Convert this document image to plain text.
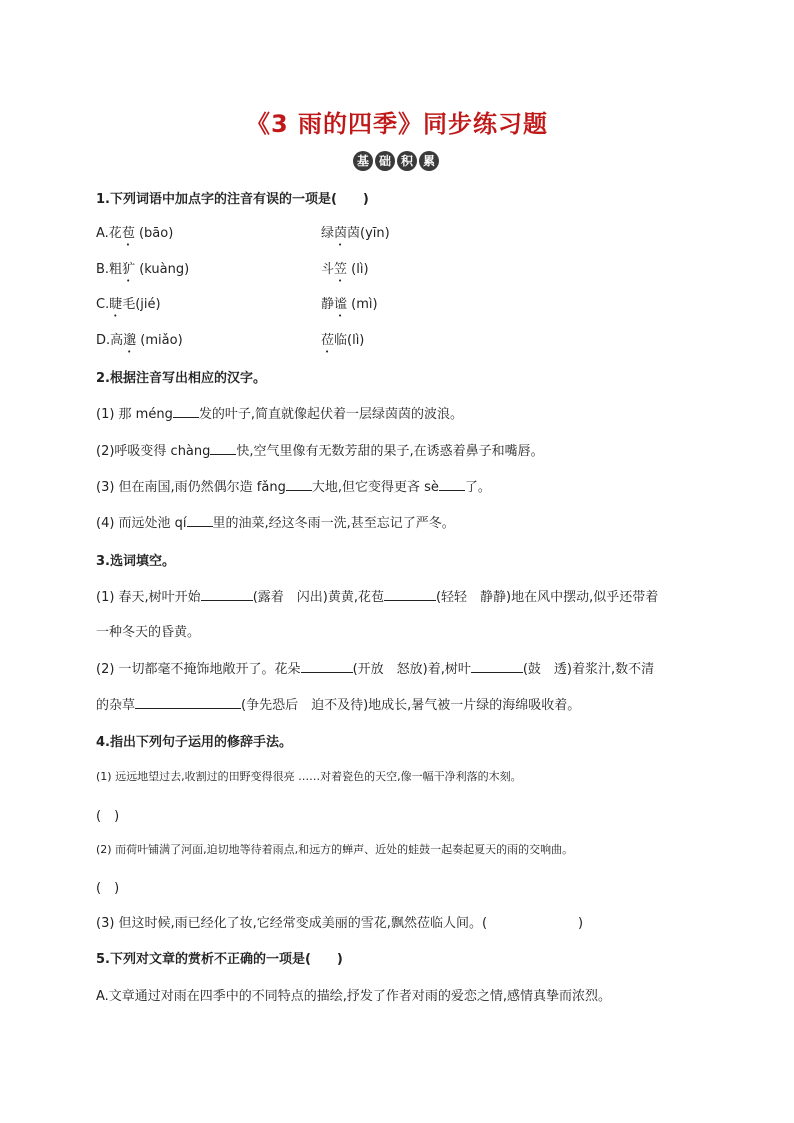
《3 雨的四季》同步练习题
基 础 积 累
1.下列词语中加点字的注音有误的一项是(　　)
A.花苞 (bāo)	绿茵茵(yīn)
B.粗犷 (kuàng)	斗笠 (lì)
C.睫毛(jié)	静谧 (mì)
D.高邈 (miǎo)	莅临(lì)
2.根据注音写出相应的汉字。
(1) 那 méng 发的叶子,简直就像起伏着一层绿茵茵的波浪。
(2)呼吸变得 chàng 快,空气里像有无数芳甜的果子,在诱惑着鼻子和嘴唇。
(3) 但在南国,雨仍然偶尔造 fǎng 大地,但它变得更吝 sè 了。
(4) 而远处池 qí 里的油菜,经这冬雨一洗,甚至忘记了严冬。
3.选词填空。
(1) 春天,树叶开始	(露着　闪出)黄黄,花苞	(轻轻　静静)地在风中摆动,似乎还带着
一种冬天的昏黄。
(2) 一切都毫不掩饰地敞开了。花朵	(开放　怒放)着,树叶	(鼓　透)着浆汁,数不清
的杂草	(争先恐后　迫不及待)地成长,暑气被一片绿的海绵吸收着。
4.指出下列句子运用的修辞手法。
(1) 远远地望过去,收割过的田野变得很亮 ……对着瓷色的天空,像一幅干净利落的木刻。
(　)
(2) 而荷叶铺满了河面,迫切地等待着雨点,和远方的蝉声、近处的蛙鼓一起奏起夏天的雨的交响曲。
(　)
(3) 但这时候,雨已经化了妆,它经常变成美丽的雪花,飘然莅临人间。(　　　　　　　)
5.下列对文章的赏析不正确的一项是(　　)
A.文章通过对雨在四季中的不同特点的描绘,抒发了作者对雨的爱恋之情,感情真挚而浓烈。
